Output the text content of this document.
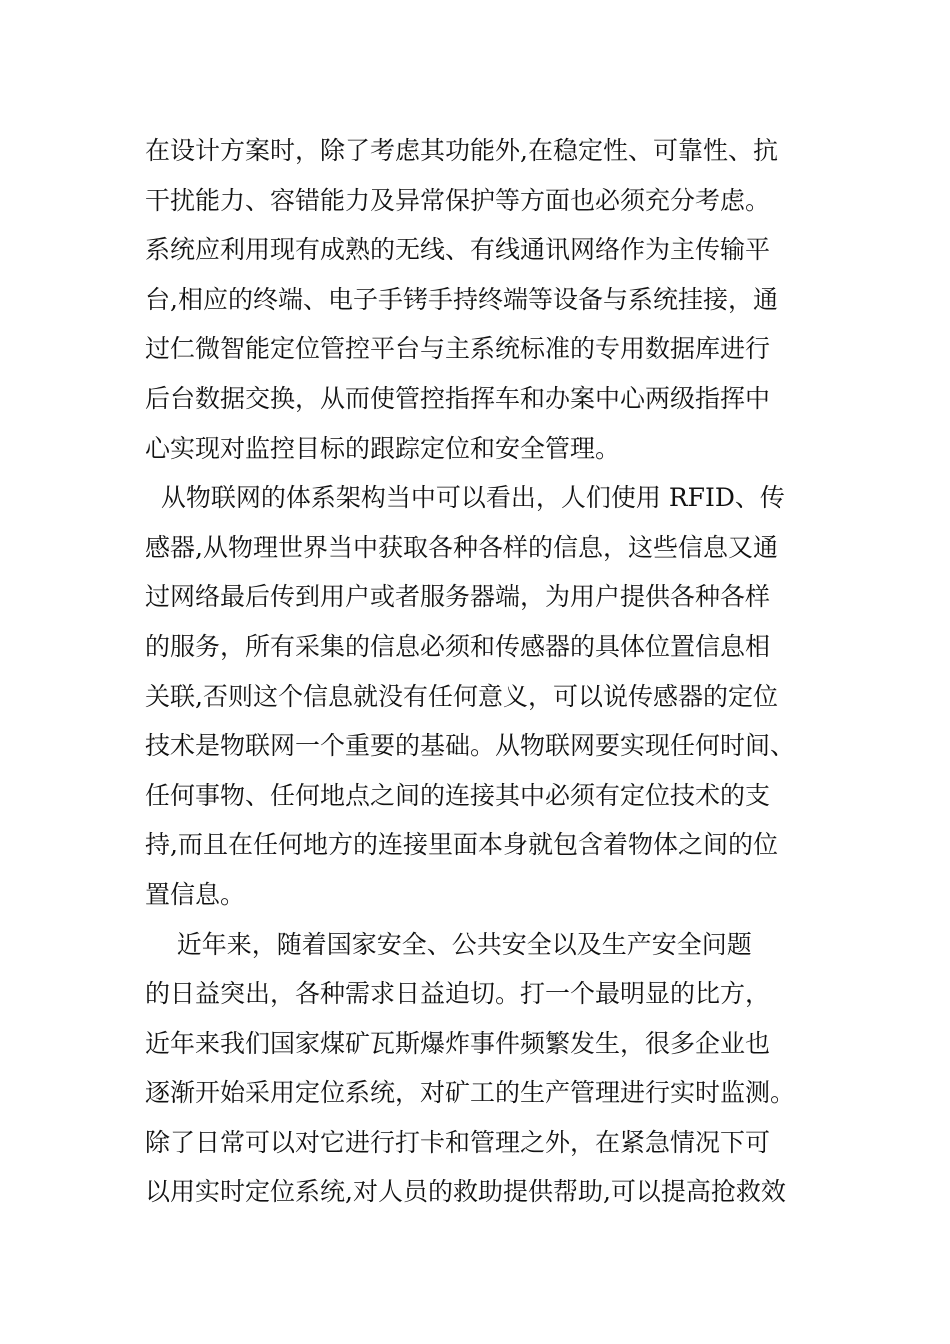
在设计方案时，除了考虑其功能外,在稳定性、可靠性、抗
干扰能力、容错能力及异常保护等方面也必须充分考虑。
系统应利用现有成熟的无线、有线通讯网络作为主传输平
台,相应的终端、电子手铐手持终端等设备与系统挂接，通
过仁微智能定位管控平台与主系统标准的专用数据库进行
后台数据交换，从而使管控指挥车和办案中心两级指挥中
心实现对监控目标的跟踪定位和安全管理。
从物联网的体系架构当中可以看出，人们使用 RFID、传
感器,从物理世界当中获取各种各样的信息，这些信息又通
过网络最后传到用户或者服务器端，为用户提供各种各样
的服务，所有采集的信息必须和传感器的具体位置信息相
关联,否则这个信息就没有任何意义，可以说传感器的定位
技术是物联网一个重要的基础。从物联网要实现任何时间、
任何事物、任何地点之间的连接其中必须有定位技术的支
持,而且在任何地方的连接里面本身就包含着物体之间的位
置信息。
近年来，随着国家安全、公共安全以及生产安全问题
的日益突出，各种需求日益迫切。打一个最明显的比方，
近年来我们国家煤矿瓦斯爆炸事件频繁发生，很多企业也
逐渐开始采用定位系统，对矿工的生产管理进行实时监测。
除了日常可以对它进行打卡和管理之外，在紧急情况下可
以用实时定位系统,对人员的救助提供帮助,可以提高抢救效
